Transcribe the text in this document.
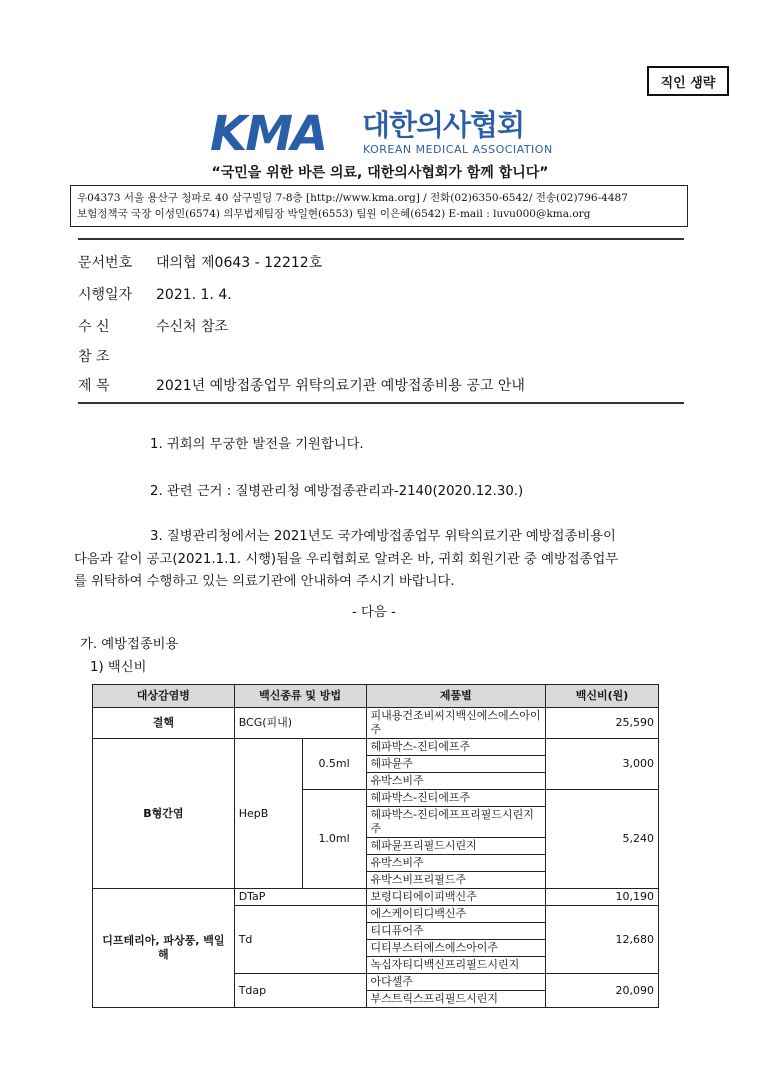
직인 생략
KMA 대한의사협회
KOREAN MEDICAL ASSOCIATION
“국민을 위한 바른 의료, 대한의사협회가 함께 합니다”
우04373 서울 용산구 청파로 40 삼구빌딩 7-8층 [http://www.kma.org] / 전화(02)6350-6542/ 전송(02)796-4487
보험정책국 국장 이성민(6574) 의무법제팀장 박일현(6553) 팀원 이은혜(6542) E-mail : luvu000@kma.org
문서번호 대의협 제0643 - 12212호
시행일자 2021. 1. 4.
수 신	수신처 참조
참 조
제 목	2021년 예방접종업무 위탁의료기관 예방접종비용 공고 안내
1. 귀회의 무궁한 발전을 기원합니다.
2. 관련 근거 : 질병관리청 예방접종관리과-2140(2020.12.30.)
3. 질병관리청에서는 2021년도 국가예방접종업무 위탁의료기관 예방접종비용이
다음과 같이 공고(2021.1.1. 시행)됨을 우리협회로 알려온 바, 귀회 회원기관 중 예방접종업무
를 위탁하여 수행하고 있는 의료기관에 안내하여 주시기 바랍니다.
- 다음 -
가. 예방접종비용
1) 백신비
대상감염병	백신종류 및 방법		제품별	백신비(원)
결핵	BCG(피내)		피내용건조비씨지백신에스에스아이주	25,590
B형간염	HepB	0.5ml	헤파박스-진티에프주	3,000
			헤파뮨주	
			유박스비주	
		1.0ml	헤파박스-진티에프주	5,240
			헤파박스-진티에프프리필드시린지주	
			헤파뮨프리필드시린지	
			유박스비주	
			유박스비프리필드주	
디프테리아, 파상풍, 백일해	DTaP		보령디티에이피백신주	10,190
	Td		에스케이티디백신주	12,680
			티디퓨어주	
			디티부스터에스에스아이주	
			녹십자티디백신프리필드시린지	
	Tdap		아다셀주	20,090
			부스트릭스프리필드시린지	
